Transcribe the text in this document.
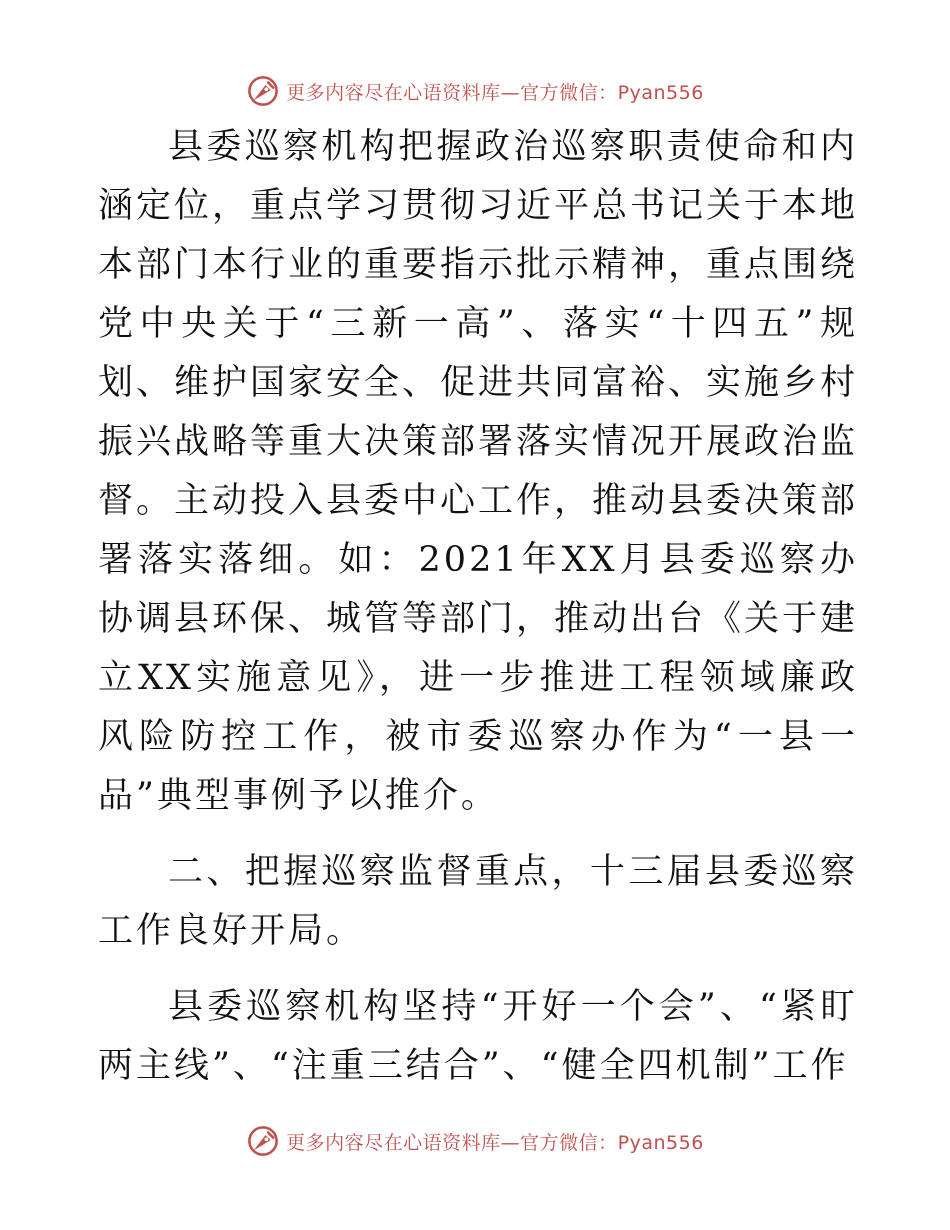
更多内容尽在心语资料库—官方微信：Pyan556

县委巡察机构把握政治巡察职责使命和内涵定位，重点学习贯彻习近平总书记关于本地本部门本行业的重要指示批示精神，重点围绕党中央关于“三新一高”、落实“十四五”规划、维护国家安全、促进共同富裕、实施乡村振兴战略等重大决策部署落实情况开展政治监督。主动投入县委中心工作，推动县委决策部署落实落细。如：2021年XX月县委巡察办协调县环保、城管等部门，推动出台《关于建立XX实施意见》，进一步推进工程领域廉政风险防控工作，被市委巡察办作为“一县一品”典型事例予以推介。

二、把握巡察监督重点，十三届县委巡察工作良好开局。

县委巡察机构坚持“开好一个会”、“紧盯两主线”、“注重三结合”、“健全四机制”工作

更多内容尽在心语资料库—官方微信：Pyan556
